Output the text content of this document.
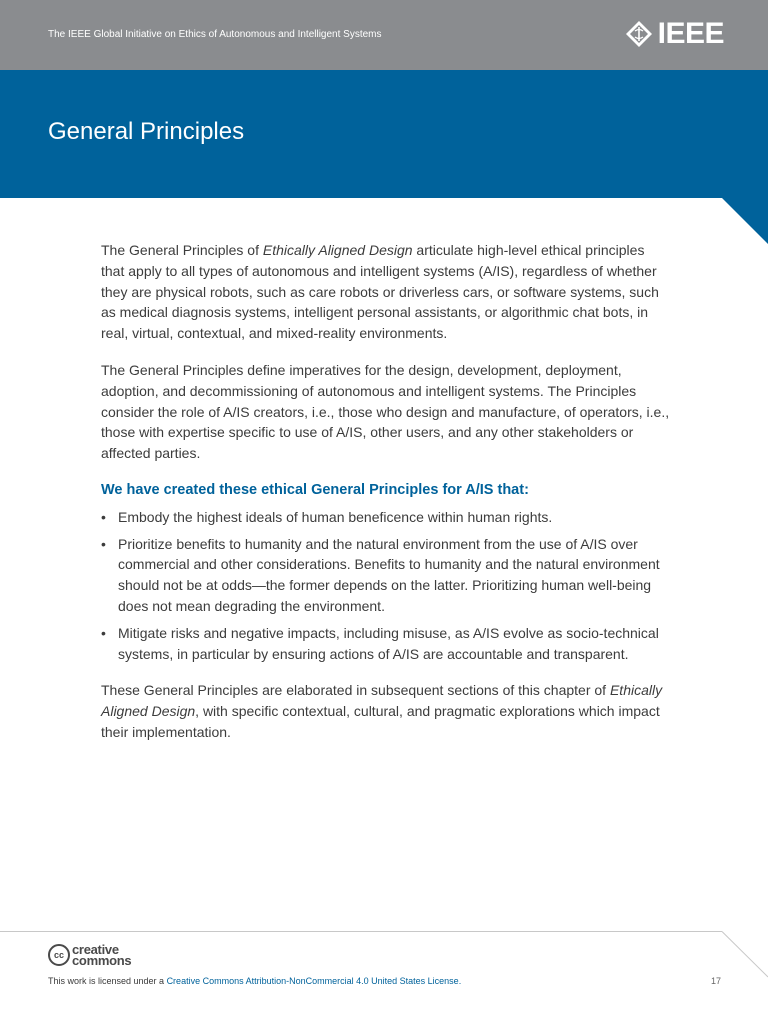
The IEEE Global Initiative on Ethics of Autonomous and Intelligent Systems	IEEE
General Principles

The General Principles of Ethically Aligned Design articulate high-level ethical principles that apply to all types of autonomous and intelligent systems (A/IS), regardless of whether they are physical robots, such as care robots or driverless cars, or software systems, such as medical diagnosis systems, intelligent personal assistants, or algorithmic chat bots, in real, virtual, contextual, and mixed-reality environments.

The General Principles define imperatives for the design, development, deployment, adoption, and decommissioning of autonomous and intelligent systems. The Principles consider the role of A/IS creators, i.e., those who design and manufacture, of operators, i.e., those with expertise specific to use of A/IS, other users, and any other stakeholders or affected parties.

We have created these ethical General Principles for A/IS that:

• Embody the highest ideals of human beneficence within human rights.
• Prioritize benefits to humanity and the natural environment from the use of A/IS over commercial and other considerations. Benefits to humanity and the natural environment should not be at odds—the former depends on the latter. Prioritizing human well-being does not mean degrading the environment.
• Mitigate risks and negative impacts, including misuse, as A/IS evolve as socio-technical systems, in particular by ensuring actions of A/IS are accountable and transparent.

These General Principles are elaborated in subsequent sections of this chapter of Ethically Aligned Design, with specific contextual, cultural, and pragmatic explorations which impact their implementation.

cc creative
commons
This work is licensed under a Creative Commons Attribution-NonCommercial 4.0 United States License.	17
